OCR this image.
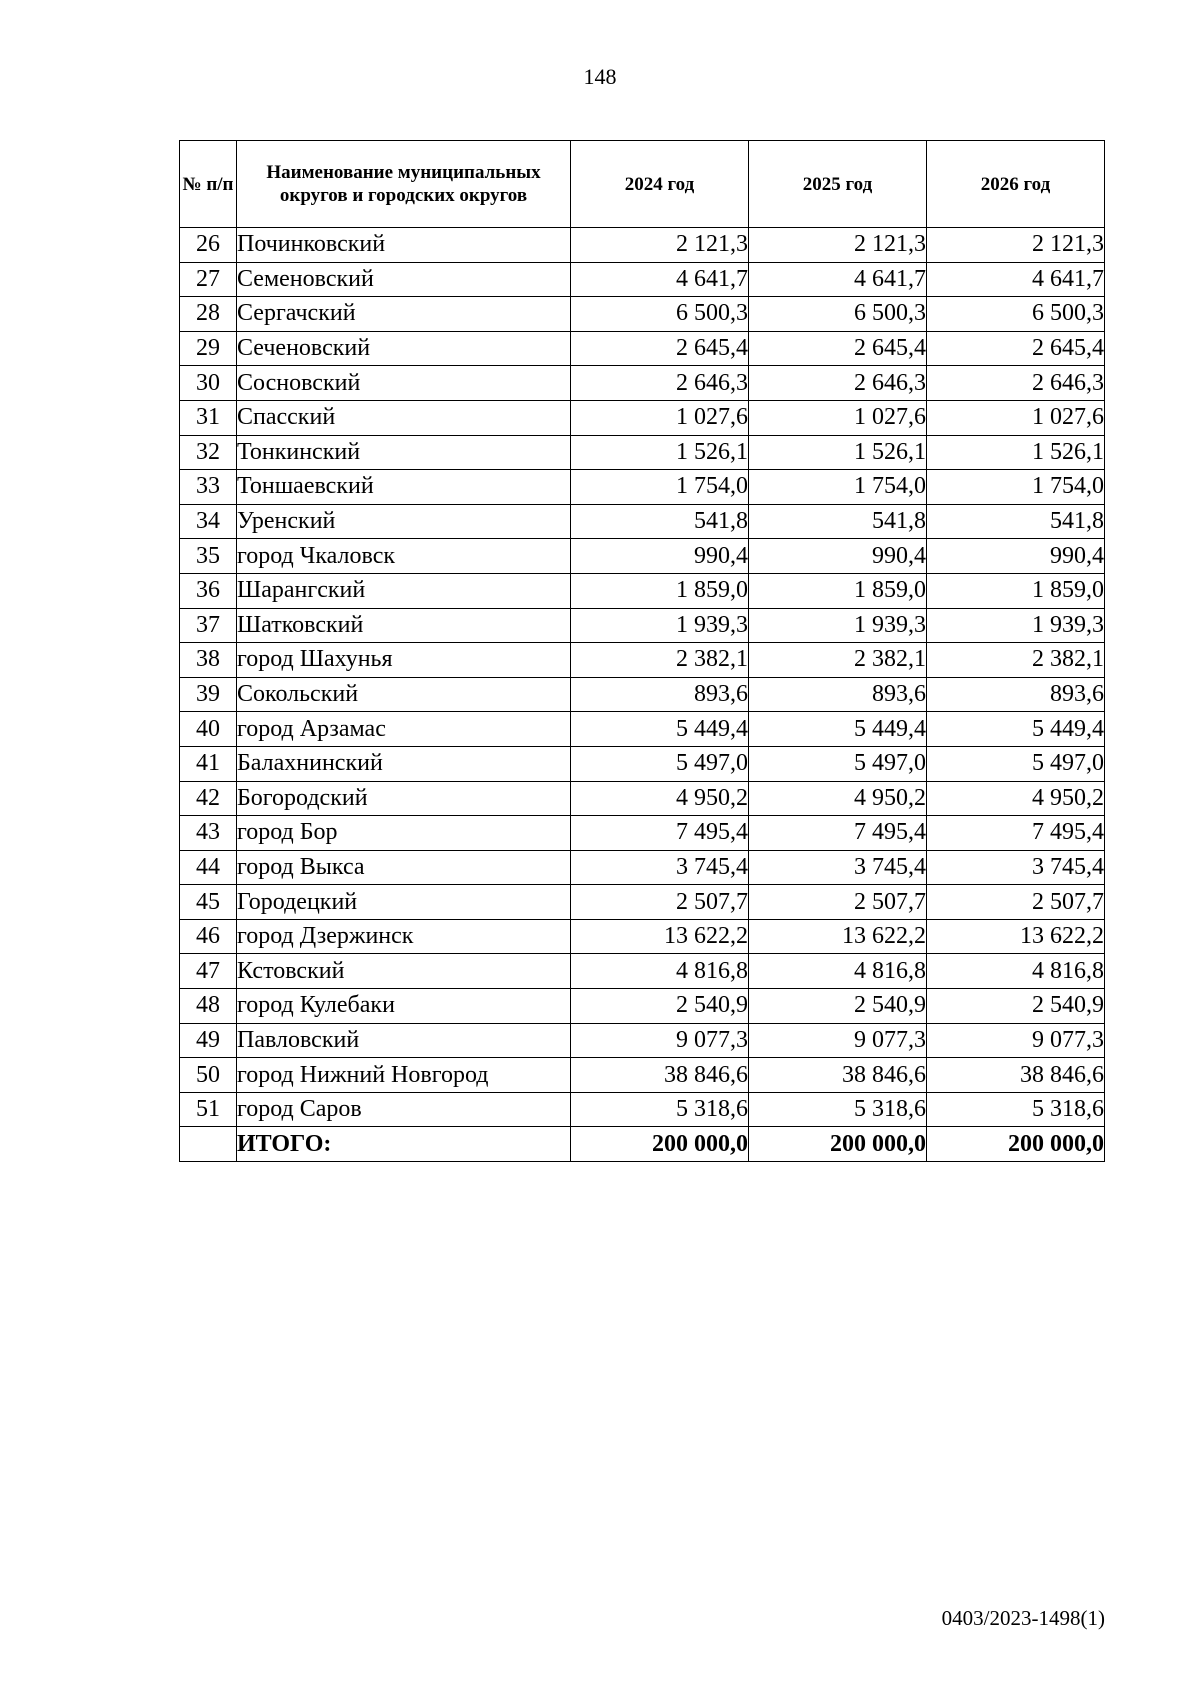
148
№ п/п	Наименование муниципальных округов и городских округов	2024 год	2025 год	2026 год
26	Починковский	2 121,3	2 121,3	2 121,3
27	Семеновский	4 641,7	4 641,7	4 641,7
28	Сергачский	6 500,3	6 500,3	6 500,3
29	Сеченовский	2 645,4	2 645,4	2 645,4
30	Сосновский	2 646,3	2 646,3	2 646,3
31	Спасский	1 027,6	1 027,6	1 027,6
32	Тонкинский	1 526,1	1 526,1	1 526,1
33	Тоншаевский	1 754,0	1 754,0	1 754,0
34	Уренский	541,8	541,8	541,8
35	город Чкаловск	990,4	990,4	990,4
36	Шарангский	1 859,0	1 859,0	1 859,0
37	Шатковский	1 939,3	1 939,3	1 939,3
38	город Шахунья	2 382,1	2 382,1	2 382,1
39	Сокольский	893,6	893,6	893,6
40	город Арзамас	5 449,4	5 449,4	5 449,4
41	Балахнинский	5 497,0	5 497,0	5 497,0
42	Богородский	4 950,2	4 950,2	4 950,2
43	город Бор	7 495,4	7 495,4	7 495,4
44	город Выкса	3 745,4	3 745,4	3 745,4
45	Городецкий	2 507,7	2 507,7	2 507,7
46	город Дзержинск	13 622,2	13 622,2	13 622,2
47	Кстовский	4 816,8	4 816,8	4 816,8
48	город Кулебаки	2 540,9	2 540,9	2 540,9
49	Павловский	9 077,3	9 077,3	9 077,3
50	город Нижний Новгород	38 846,6	38 846,6	38 846,6
51	город Саров	5 318,6	5 318,6	5 318,6
	ИТОГО:	200 000,0	200 000,0	200 000,0
0403/2023-1498(1)
